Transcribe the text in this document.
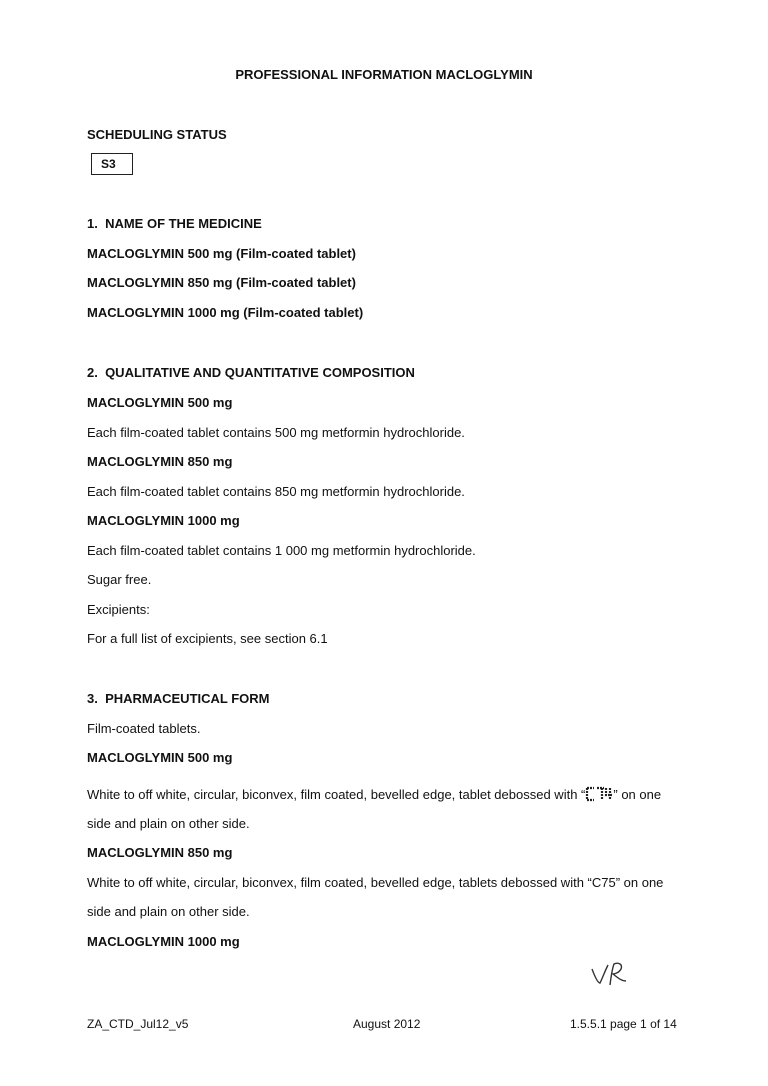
PROFESSIONAL INFORMATION MACLOGLYMIN
SCHEDULING STATUS
S3
1.  NAME OF THE MEDICINE
MACLOGLYMIN 500 mg (Film-coated tablet)
MACLOGLYMIN 850 mg (Film-coated tablet)
MACLOGLYMIN 1000 mg (Film-coated tablet)
2.  QUALITATIVE AND QUANTITATIVE COMPOSITION
MACLOGLYMIN 500 mg
Each film-coated tablet contains 500 mg metformin hydrochloride.
MACLOGLYMIN 850 mg
Each film-coated tablet contains 850 mg metformin hydrochloride.
MACLOGLYMIN 1000 mg
Each film-coated tablet contains 1 000 mg metformin hydrochloride.
Sugar free.
Excipients:
For a full list of excipients, see section 6.1
3.  PHARMACEUTICAL FORM
Film-coated tablets.
MACLOGLYMIN 500 mg
White to off white, circular, biconvex, film coated, bevelled edge, tablet debossed with “ ” on one
side and plain on other side.
MACLOGLYMIN 850 mg
White to off white, circular, biconvex, film coated, bevelled edge, tablets debossed with “C75” on one
side and plain on other side.
MACLOGLYMIN 1000 mg
ZA_CTD_Jul12_v5	August 2012	1.5.5.1 page 1 of 14
